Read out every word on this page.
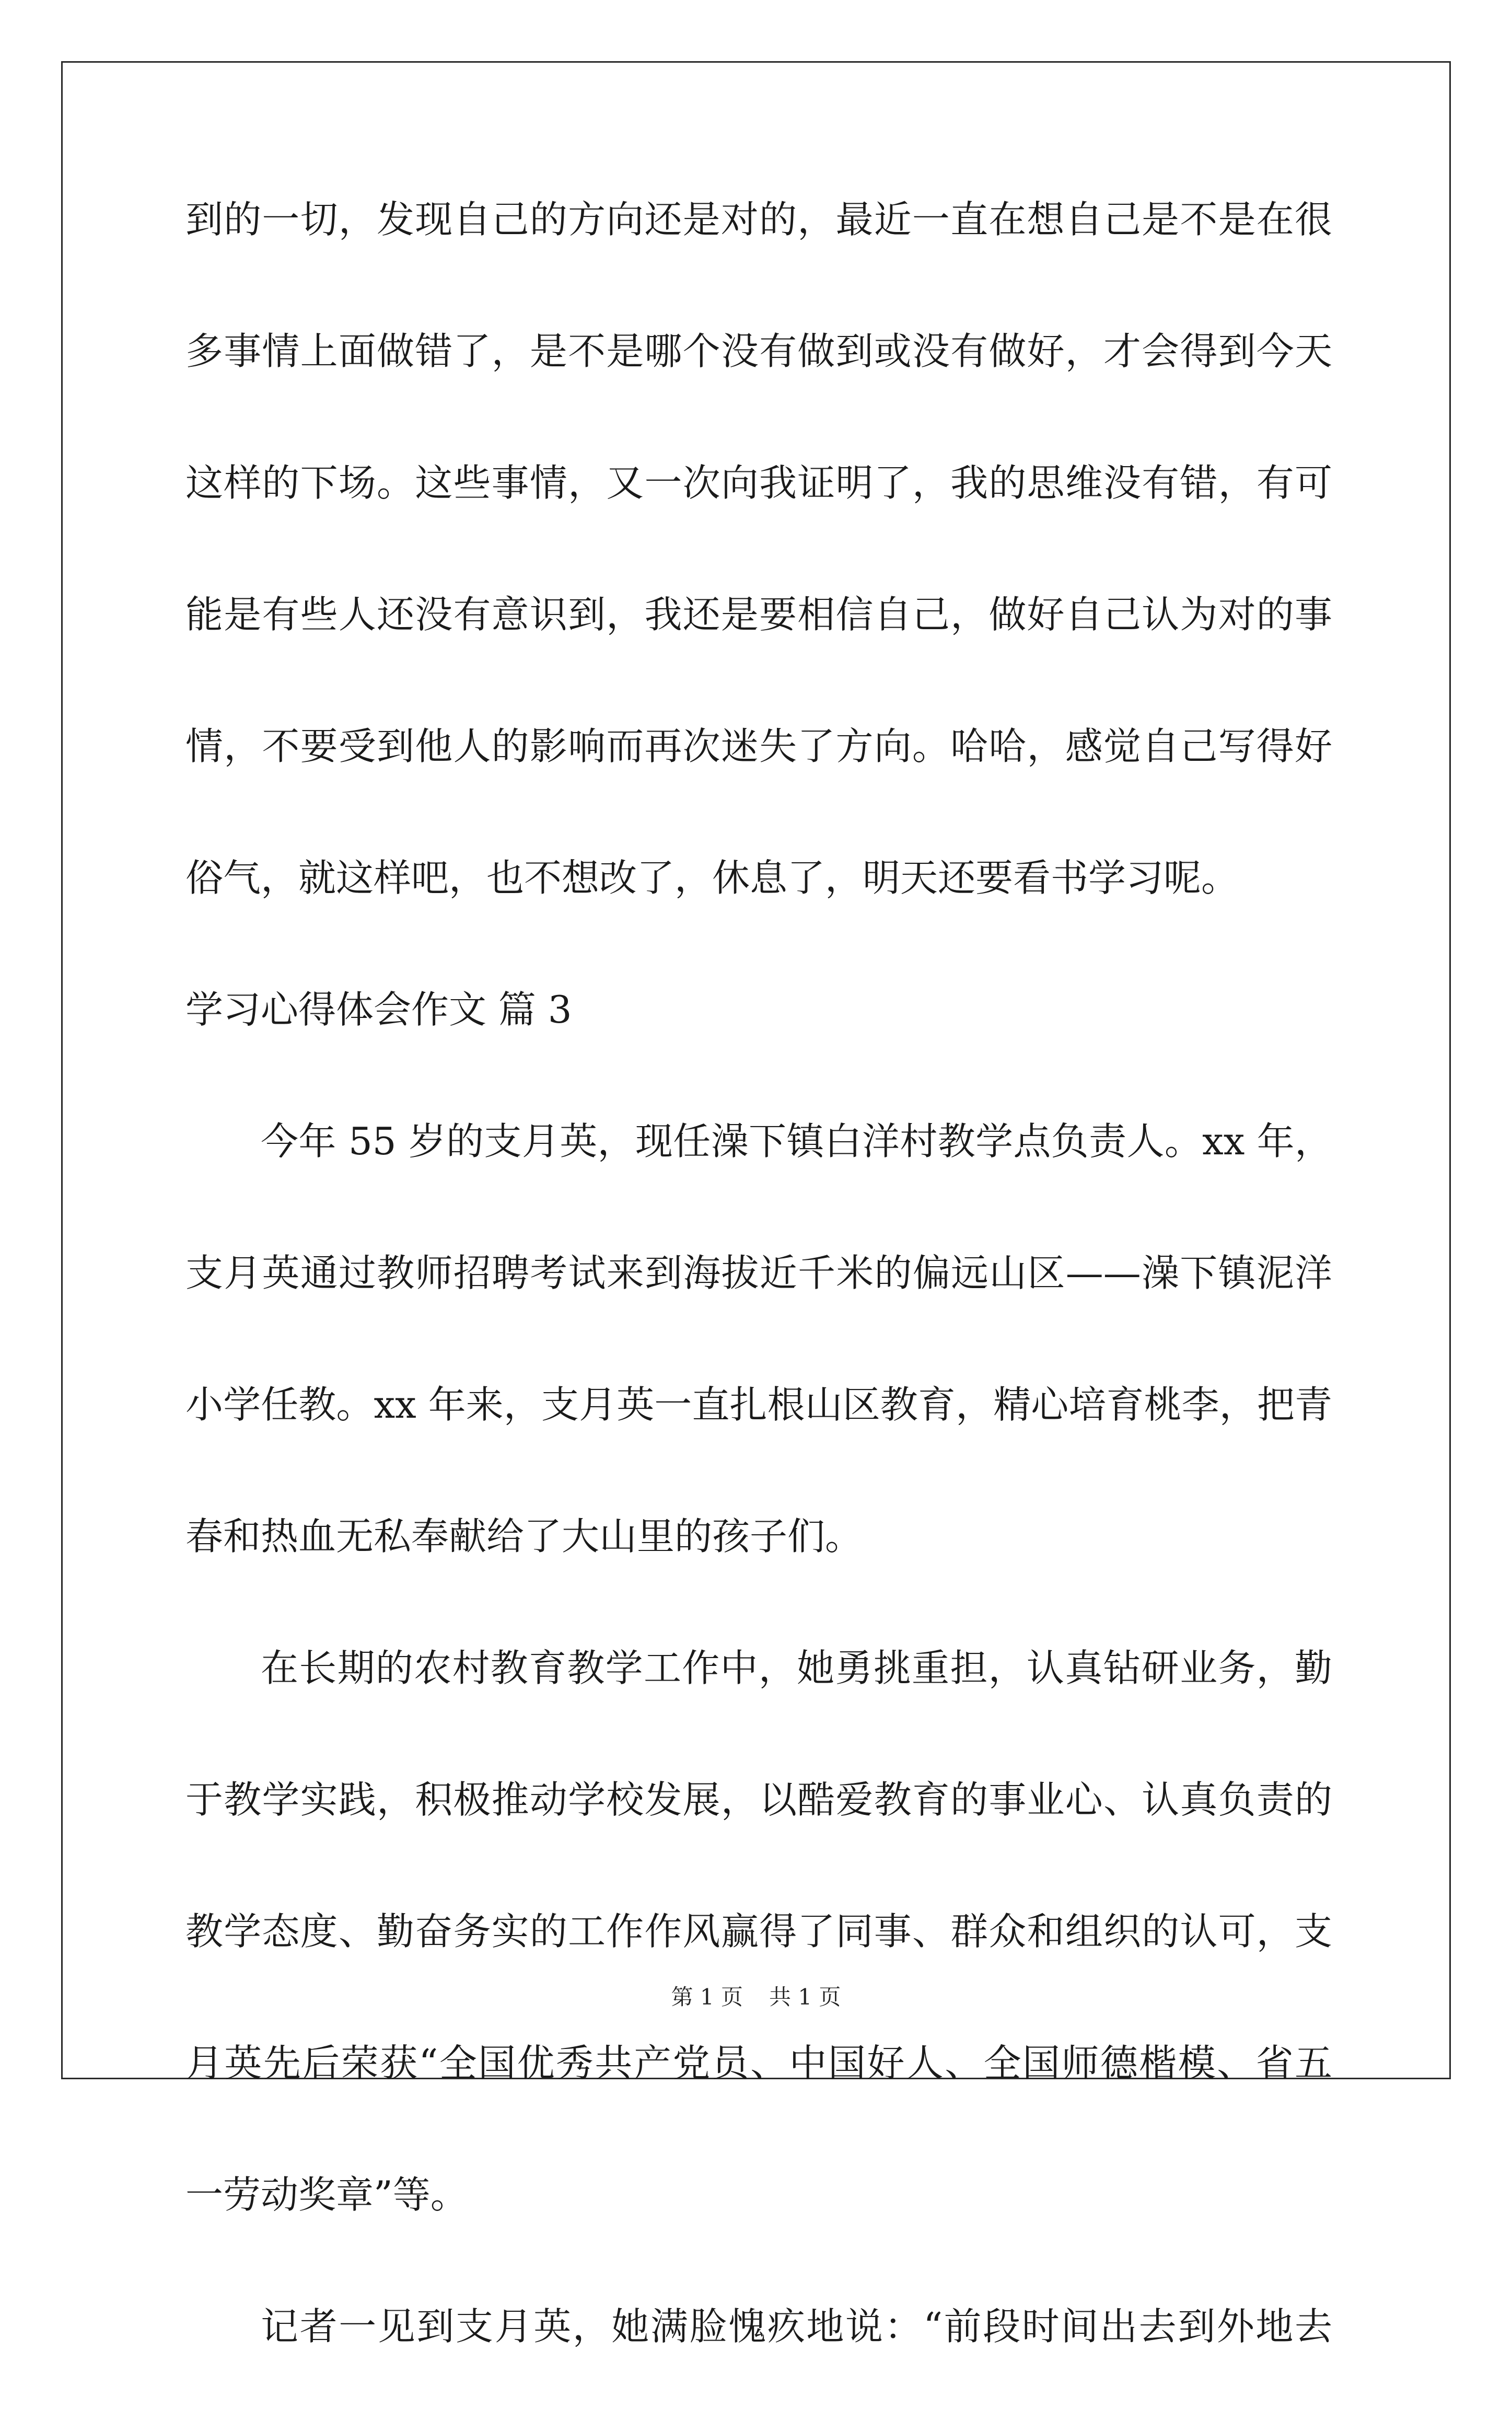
到的一切，发现自己的方向还是对的，最近一直在想自己是不是在很
多事情上面做错了，是不是哪个没有做到或没有做好，才会得到今天
这样的下场。这些事情，又一次向我证明了，我的思维没有错，有可
能是有些人还没有意识到，我还是要相信自己，做好自己认为对的事
情，不要受到他人的影响而再次迷失了方向。哈哈，感觉自己写得好
俗气，就这样吧，也不想改了，休息了，明天还要看书学习呢。
学习心得体会作文 篇 3
今年 55 岁的支月英，现任澡下镇白洋村教学点负责人。xx 年，
支月英通过教师招聘考试来到海拔近千米的偏远山区——澡下镇泥洋
小学任教。xx 年来，支月英一直扎根山区教育，精心培育桃李，把青
春和热血无私奉献给了大山里的孩子们。
在长期的农村教育教学工作中，她勇挑重担，认真钻研业务，勤
于教学实践，积极推动学校发展，以酷爱教育的事业心、认真负责的
教学态度、勤奋务实的工作作风赢得了同事、群众和组织的认可，支
月英先后荣获“全国优秀共产党员、中国好人、全国师德楷模、省五
一劳动奖章”等。
记者一见到支月英，她满脸愧疚地说：“前段时间出去到外地去
第 1 页 共 1 页
